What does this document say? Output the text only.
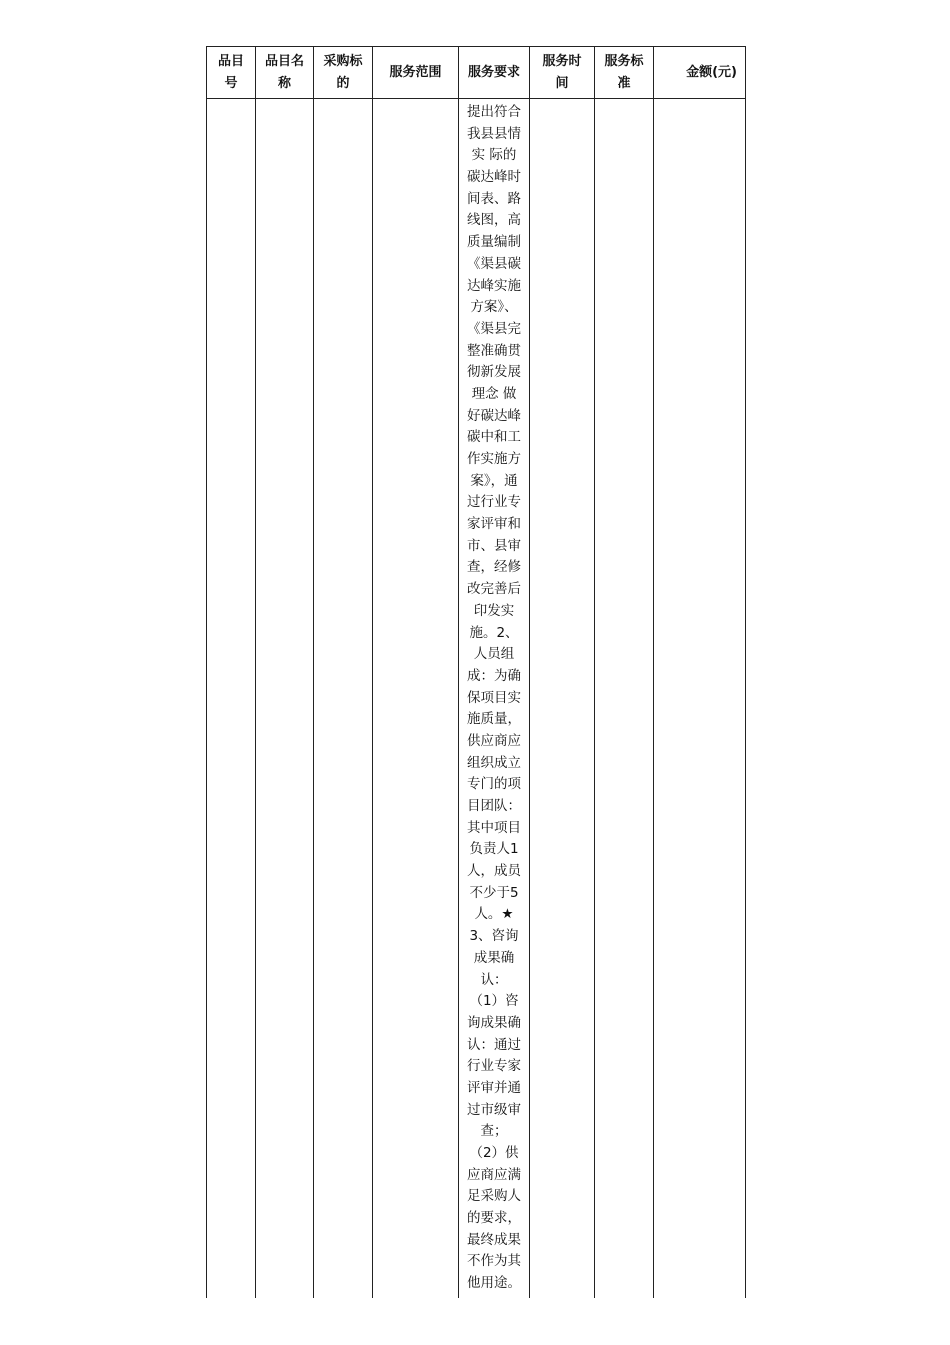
品目
号
品目名
称
采购标
的
服务范围 服务要求
服务时
间
服务标
准
金额(元)
提出符合
我县县情
实 际的
碳达峰时
间表、路
线图，高
质量编制
《渠县碳
达峰实施
方案》、
《渠县完
整准确贯
彻新发展
理念 做
好碳达峰
碳中和工
作实施方
案》，通
过行业专
家评审和
市、县审
查，经修
改完善后
印发实
施。2、
人员组
成：为确
保项目实
施质量，
供应商应
组织成立
专门的项
目团队：
其中项目
负责人1
人，成员
不少于5
人。★
3、咨询
成果确
认：
（1）咨
询成果确
认：通过
行业专家
评审并通
过市级审
查；
（2）供
应商应满
足采购人
的要求，
最终成果
不作为其
他用途。
